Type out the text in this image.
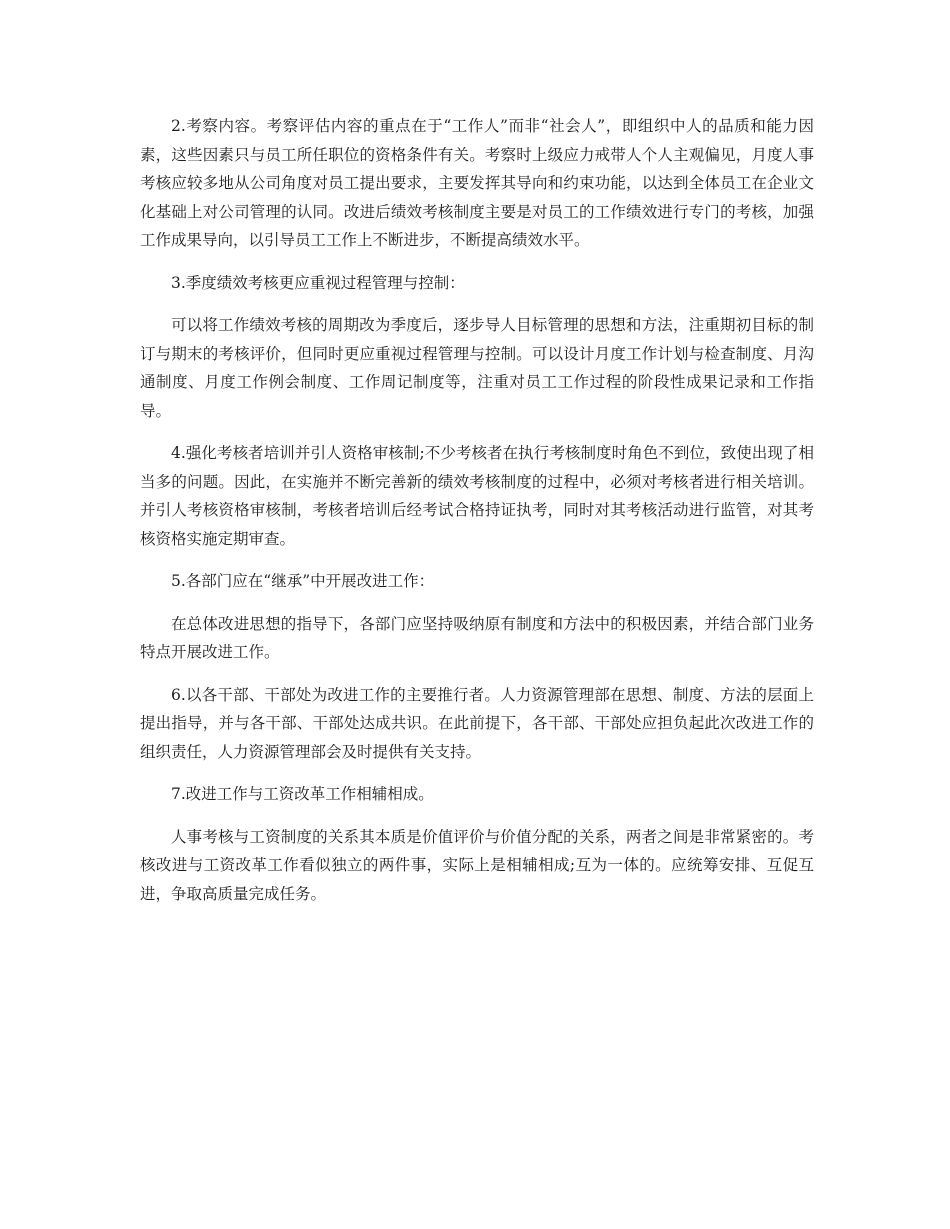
2.考察内容。考察评估内容的重点在于“工作人”而非“社会人”，即组织中人的品质和能力因素，这些因素只与员工所任职位的资格条件有关。考察时上级应力戒带人个人主观偏见，月度人事考核应较多地从公司角度对员工提出要求，主要发挥其导向和约束功能，以达到全体员工在企业文化基础上对公司管理的认同。改进后绩效考核制度主要是对员工的工作绩效进行专门的考核，加强工作成果导向，以引导员工工作上不断进步，不断提高绩效水平。

3.季度绩效考核更应重视过程管理与控制：

可以将工作绩效考核的周期改为季度后，逐步导人目标管理的思想和方法，注重期初目标的制订与期末的考核评价，但同时更应重视过程管理与控制。可以设计月度工作计划与检查制度、月沟通制度、月度工作例会制度、工作周记制度等，注重对员工工作过程的阶段性成果记录和工作指导。

4.强化考核者培训并引人资格审核制;不少考核者在执行考核制度时角色不到位，致使出现了相当多的问题。因此，在实施并不断完善新的绩效考核制度的过程中，必须对考核者进行相关培训。并引人考核资格审核制，考核者培训后经考试合格持证执考，同时对其考核活动进行监管，对其考核资格实施定期审查。

5.各部门应在“继承”中开展改进工作：

在总体改进思想的指导下，各部门应坚持吸纳原有制度和方法中的积极因素，并结合部门业务特点开展改进工作。

6.以各干部、干部处为改进工作的主要推行者。人力资源管理部在思想、制度、方法的层面上提出指导，并与各干部、干部处达成共识。在此前提下，各干部、干部处应担负起此次改进工作的组织责任，人力资源管理部会及时提供有关支持。

7.改进工作与工资改革工作相辅相成。

人事考核与工资制度的关系其本质是价值评价与价值分配的关系，两者之间是非常紧密的。考核改进与工资改革工作看似独立的两件事，实际上是相辅相成;互为一体的。应统筹安排、互促互进，争取高质量完成任务。
